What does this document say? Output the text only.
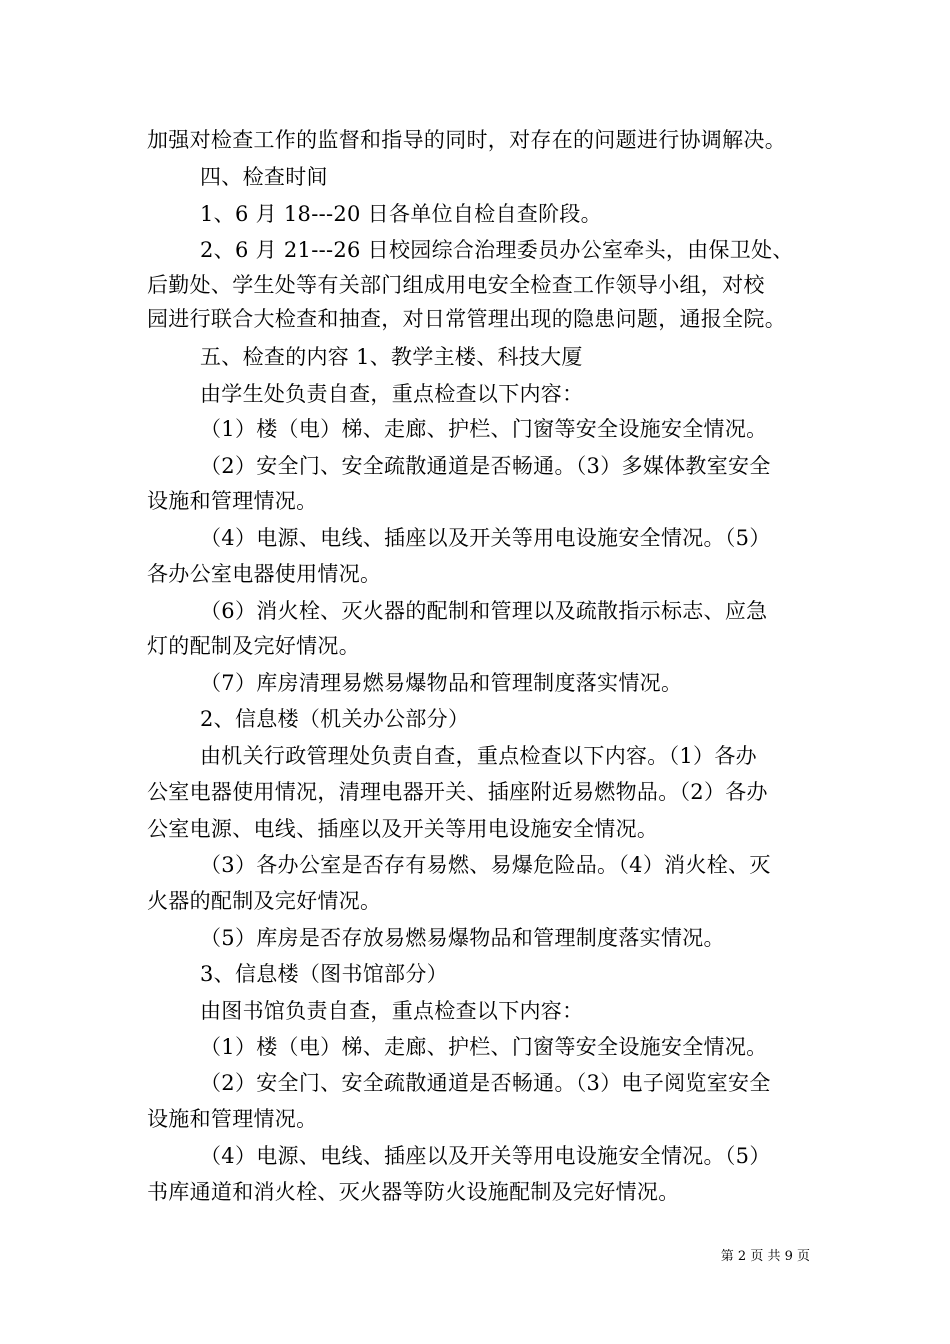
加强对检查工作的监督和指导的同时，对存在的问题进行协调解决。
四、检查时间
1、6 月 18---20 日各单位自检自查阶段。
2、6 月 21---26 日校园综合治理委员办公室牵头，由保卫处、
后勤处、学生处等有关部门组成用电安全检查工作领导小组，对校
园进行联合大检查和抽查，对日常管理出现的隐患问题，通报全院。
五、检查的内容 1、教学主楼、科技大厦
由学生处负责自查，重点检查以下内容：
（1）楼（电）梯、走廊、护栏、门窗等安全设施安全情况。
（2）安全门、安全疏散通道是否畅通。（3）多媒体教室安全
设施和管理情况。
（4）电源、电线、插座以及开关等用电设施安全情况。（5）
各办公室电器使用情况。
（6）消火栓、灭火器的配制和管理以及疏散指示标志、应急
灯的配制及完好情况。
（7）库房清理易燃易爆物品和管理制度落实情况。
2、信息楼（机关办公部分）
由机关行政管理处负责自查，重点检查以下内容。（1）各办
公室电器使用情况，清理电器开关、插座附近易燃物品。（2）各办
公室电源、电线、插座以及开关等用电设施安全情况。
（3）各办公室是否存有易燃、易爆危险品。（4）消火栓、灭
火器的配制及完好情况。
（5）库房是否存放易燃易爆物品和管理制度落实情况。
3、信息楼（图书馆部分）
由图书馆负责自查，重点检查以下内容：
（1）楼（电）梯、走廊、护栏、门窗等安全设施安全情况。
（2）安全门、安全疏散通道是否畅通。（3）电子阅览室安全
设施和管理情况。
（4）电源、电线、插座以及开关等用电设施安全情况。（5）
书库通道和消火栓、灭火器等防火设施配制及完好情况。
第 2 页 共 9 页
